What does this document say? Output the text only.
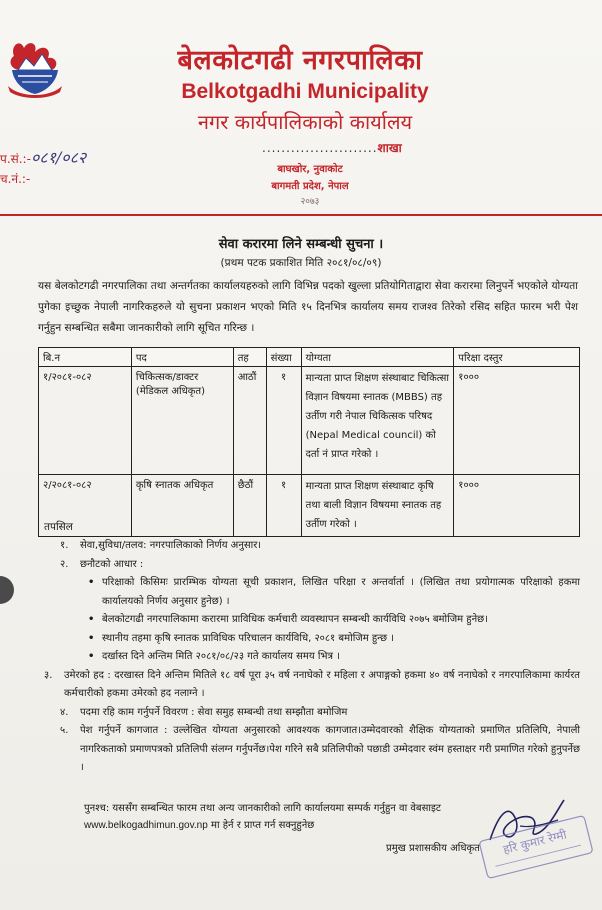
बेलकोटगढी नगरपालिका
Belkotgadhi Municipality
नगर कार्यपालिकाको कार्यालय
........................शाखा
बाघखोर, नुवाकोट
बागमती प्रदेश, नेपाल
२०७३
प.सं.:-०८१/०८२
च.नं.:-
सेवा करारमा लिने सम्बन्धी सुचना ।
(प्रथम पटक प्रकाशित मिति २०८१/०८/०९)
यस बेलकोटगढी नगरपालिका तथा अन्तर्गतका कार्यालयहरुको लागि विभिन्न पदको खुल्ला प्रतियोगिताद्वारा सेवा करारमा लिनुपर्ने भएकोले योग्यता पुगेका इच्छुक नेपाली नागरिकहरुले यो सुचना प्रकाशन भएको मिति १५ दिनभित्र कार्यालय समय राजश्व तिरेको रसिद सहित फारम भरी पेश गर्नुहुन सम्बन्धित सबैमा जानकारीको लागि सूचित गरिन्छ ।
बि.न	पद	तह	संख्या	योग्यता	परिक्षा दस्तुर
१/२०८१-०८२	चिकित्सक/डाक्टर (मेडिकल अधिकृत)	आठौं	१	मान्यता प्राप्त शिक्षण संस्थाबाट चिकित्सा विज्ञान विषयमा स्नातक (MBBS) तह उर्तीण गरी नेपाल चिकित्सक परिषद (Nepal Medical council) को दर्ता नं प्राप्त गरेको ।	१०००
२/२०८१-०८२	कृषि स्नातक अधिकृत	छैठौं	१	मान्यता प्राप्त शिक्षण संस्थाबाट कृषि तथा बाली विज्ञान विषयमा स्नातक तह उर्तीण गरेको ।	१०००
तपसिल
१.	सेवा,सुविधा/तलव: नगरपालिकाको निर्णय अनुसार।
२.	छनौटको आधार :
• परिक्षाको किसिमः प्रारम्भिक योग्यता सूची प्रकाशन, लिखित परिक्षा र अन्तर्वार्ता । (लिखित तथा प्रयोगात्मक परिक्षाको हकमा कार्यालयको निर्णय अनुसार हुनेछ) ।
• बेलकोटगढी नगरपालिकामा करारमा प्राविधिक कर्मचारी व्यवस्थापन सम्बन्धी कार्यविधि २०७५ बमोजिम हुनेछ।
• स्थानीय तहमा कृषि स्नातक प्राविधिक परिचालन कार्यविधि, २०८१ बमोजिम हुन्छ ।
• दर्खास्त दिने अन्तिम मिति २०८१/०८/२३ गते कार्यालय समय भित्र ।
३.	उमेरको हद : दरखास्त दिने अन्तिम मितिले १८ वर्ष पूरा ३५ वर्ष ननाघेको र महिला र अपाङ्गको हकमा ४० वर्ष ननाघेको र नगरपालिकामा कार्यरत कर्मचारीको हकमा उमेरको हद नलाग्ने ।
४.	पदमा रहि काम गर्नुपर्ने विवरण : सेवा समुह सम्बन्धी तथा सम्झौता बमोजिम
५.	पेश गर्नुपर्ने कागजात : उल्लेखित योग्यता अनुसारको आवश्यक कागजात।उम्मेदवारको शैक्षिक योग्यताको प्रमाणित प्रतिलिपि, नेपाली नागरिकताको प्रमाणपत्रको प्रतिलिपी संलग्न गर्नुपर्नेछ।पेश गरिने सबै प्रतिलिपीको पछाडी उम्मेदवार स्वंम हस्ताक्षर गरी प्रमाणित गरेको हुनुपर्नेछ ।
पुनश्च: यससँग सम्बन्धित फारम तथा अन्य जानकारीको लागि कार्यालयमा सम्पर्क गर्नुहुन वा वेबसाइट
www.belkogadhimun.gov.np मा हेर्न र प्राप्त गर्न सक्नुहुनेछ
प्रमुख प्रशासकीय अधिकृत हरि कुमार रेग्मी
